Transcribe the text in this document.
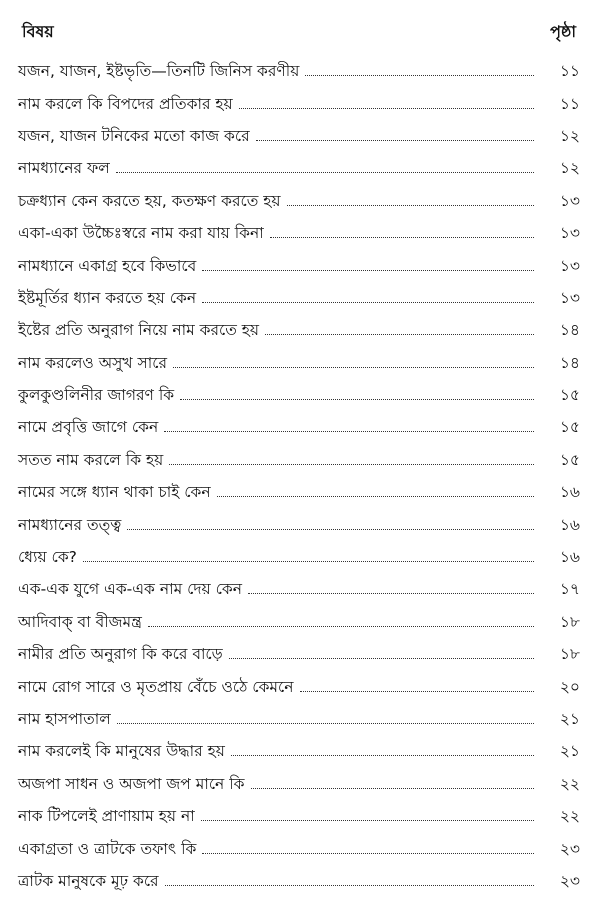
বিষয়	পৃষ্ঠা
যজন, যাজন, ইষ্টভৃতি—তিনটি জিনিস করণীয়	১১
নাম করলে কি বিপদের প্রতিকার হয়	১১
যজন, যাজন টনিকের মতো কাজ করে	১২
নামধ্যানের ফল	১২
চক্রধ্যান কেন করতে হয়, কতক্ষণ করতে হয়	১৩
একা-একা উচ্চৈঃস্বরে নাম করা যায় কিনা	১৩
নামধ্যানে একাগ্র হবে কিভাবে	১৩
ইষ্টমূর্তির ধ্যান করতে হয় কেন	১৩
ইষ্টের প্রতি অনুরাগ নিয়ে নাম করতে হয়	১৪
নাম করলেও অসুখ সারে	১৪
কুলকুণ্ডলিনীর জাগরণ কি	১৫
নামে প্রবৃত্তি জাগে কেন	১৫
সতত নাম করলে কি হয়	১৫
নামের সঙ্গে ধ্যান থাকা চাই কেন	১৬
নামধ্যানের তত্ত্ব	১৬
ধ্যেয় কে?	১৬
এক-এক যুগে এক-এক নাম দেয় কেন	১৭
আদিবাক্ বা বীজমন্ত্র	১৮
নামীর প্রতি অনুরাগ কি করে বাড়ে	১৮
নামে রোগ সারে ও মৃতপ্রায় বেঁচে ওঠে কেমনে	২০
নাম হাসপাতাল	২১
নাম করলেই কি মানুষের উদ্ধার হয়	২১
অজপা সাধন ও অজপা জপ মানে কি	২২
নাক টিপলেই প্রাণায়াম হয় না	২২
একাগ্রতা ও ত্রাটকে তফাৎ কি	২৩
ত্রাটক মানুষকে মূঢ় করে	২৩
